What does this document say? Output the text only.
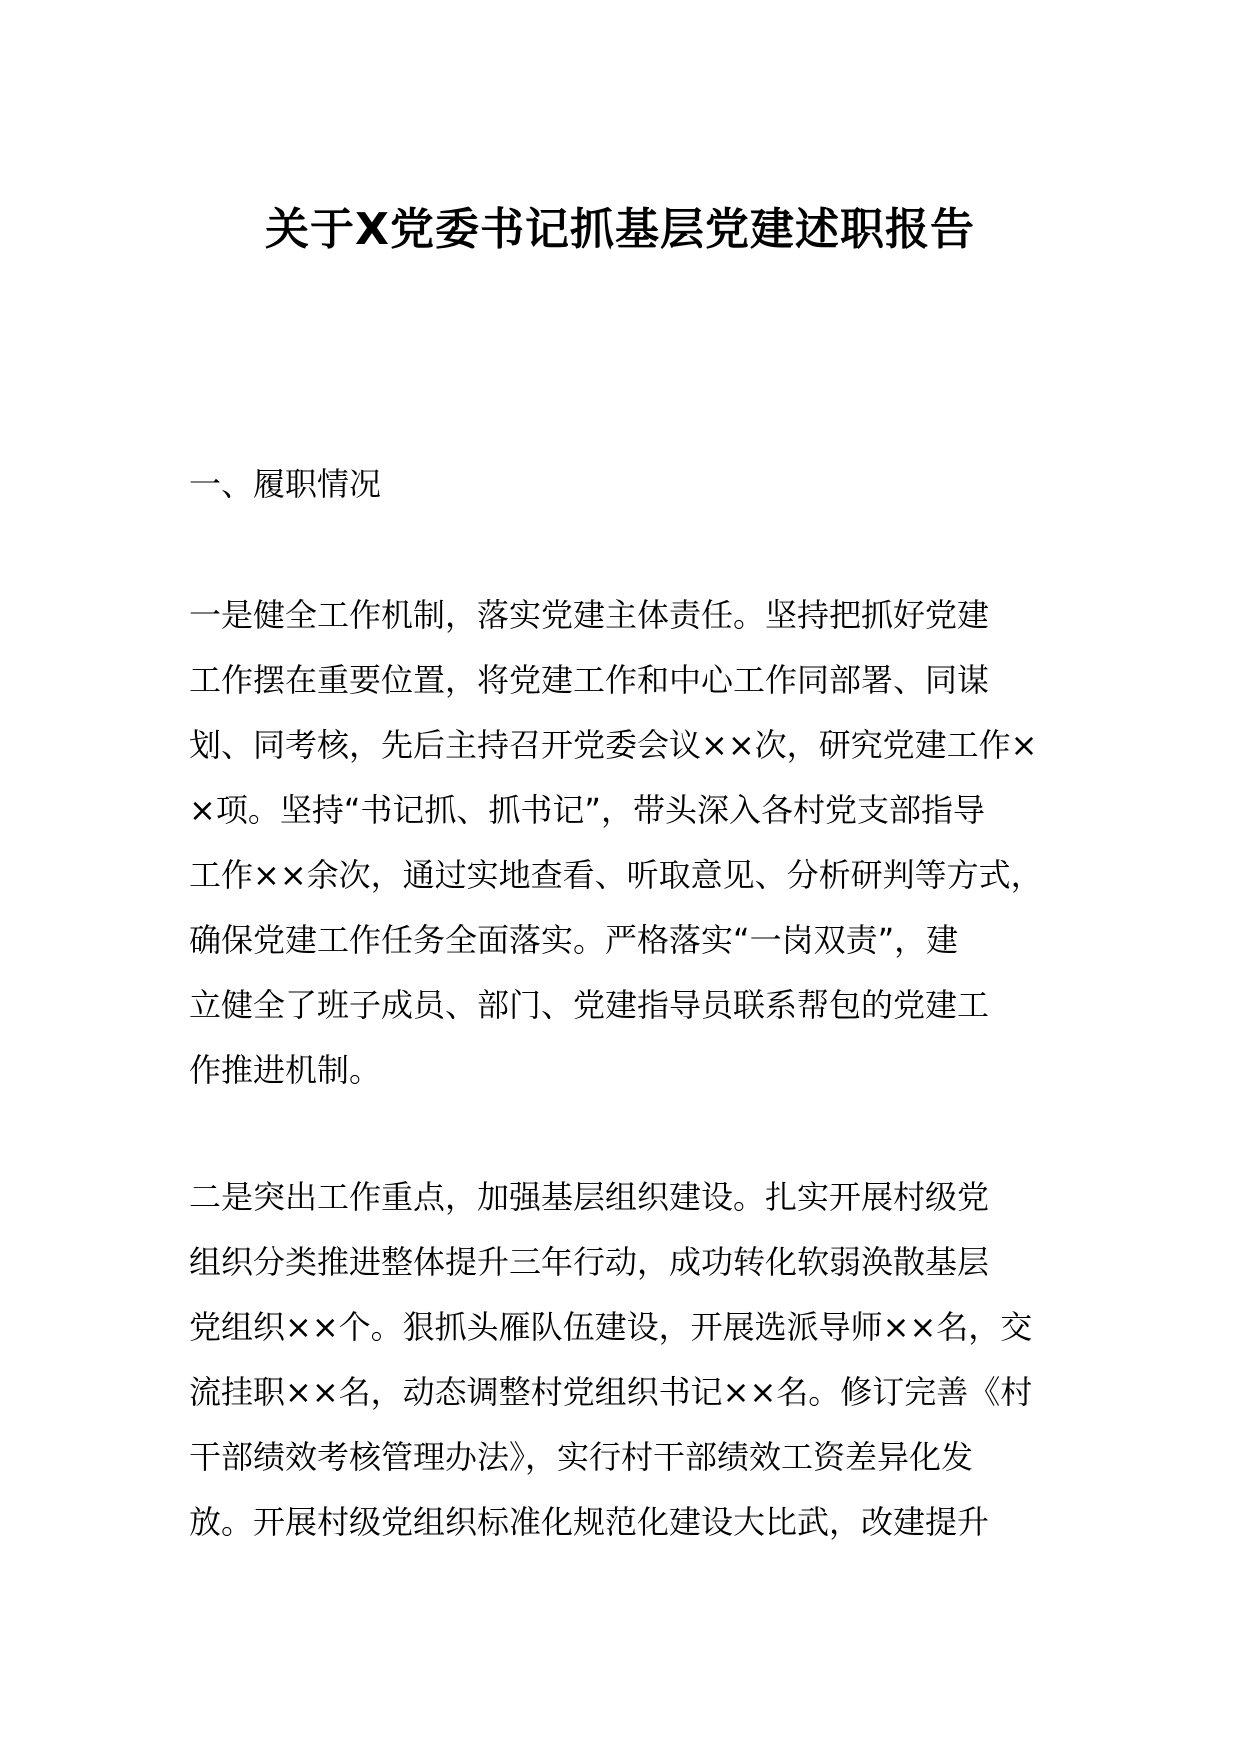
关于X党委书记抓基层党建述职报告
一、履职情况
一是健全工作机制，落实党建主体责任。坚持把抓好党建
工作摆在重要位置，将党建工作和中心工作同部署、同谋
划、同考核，先后主持召开党委会议××次，研究党建工作×
×项。坚持“书记抓、抓书记”，带头深入各村党支部指导
工作××余次，通过实地查看、听取意见、分析研判等方式，
确保党建工作任务全面落实。严格落实“一岗双责”，建
立健全了班子成员、部门、党建指导员联系帮包的党建工
作推进机制。
二是突出工作重点，加强基层组织建设。扎实开展村级党
组织分类推进整体提升三年行动，成功转化软弱涣散基层
党组织××个。狠抓头雁队伍建设，开展选派导师××名，交
流挂职××名，动态调整村党组织书记××名。修订完善《村
干部绩效考核管理办法》，实行村干部绩效工资差异化发
放。开展村级党组织标准化规范化建设大比武，改建提升
